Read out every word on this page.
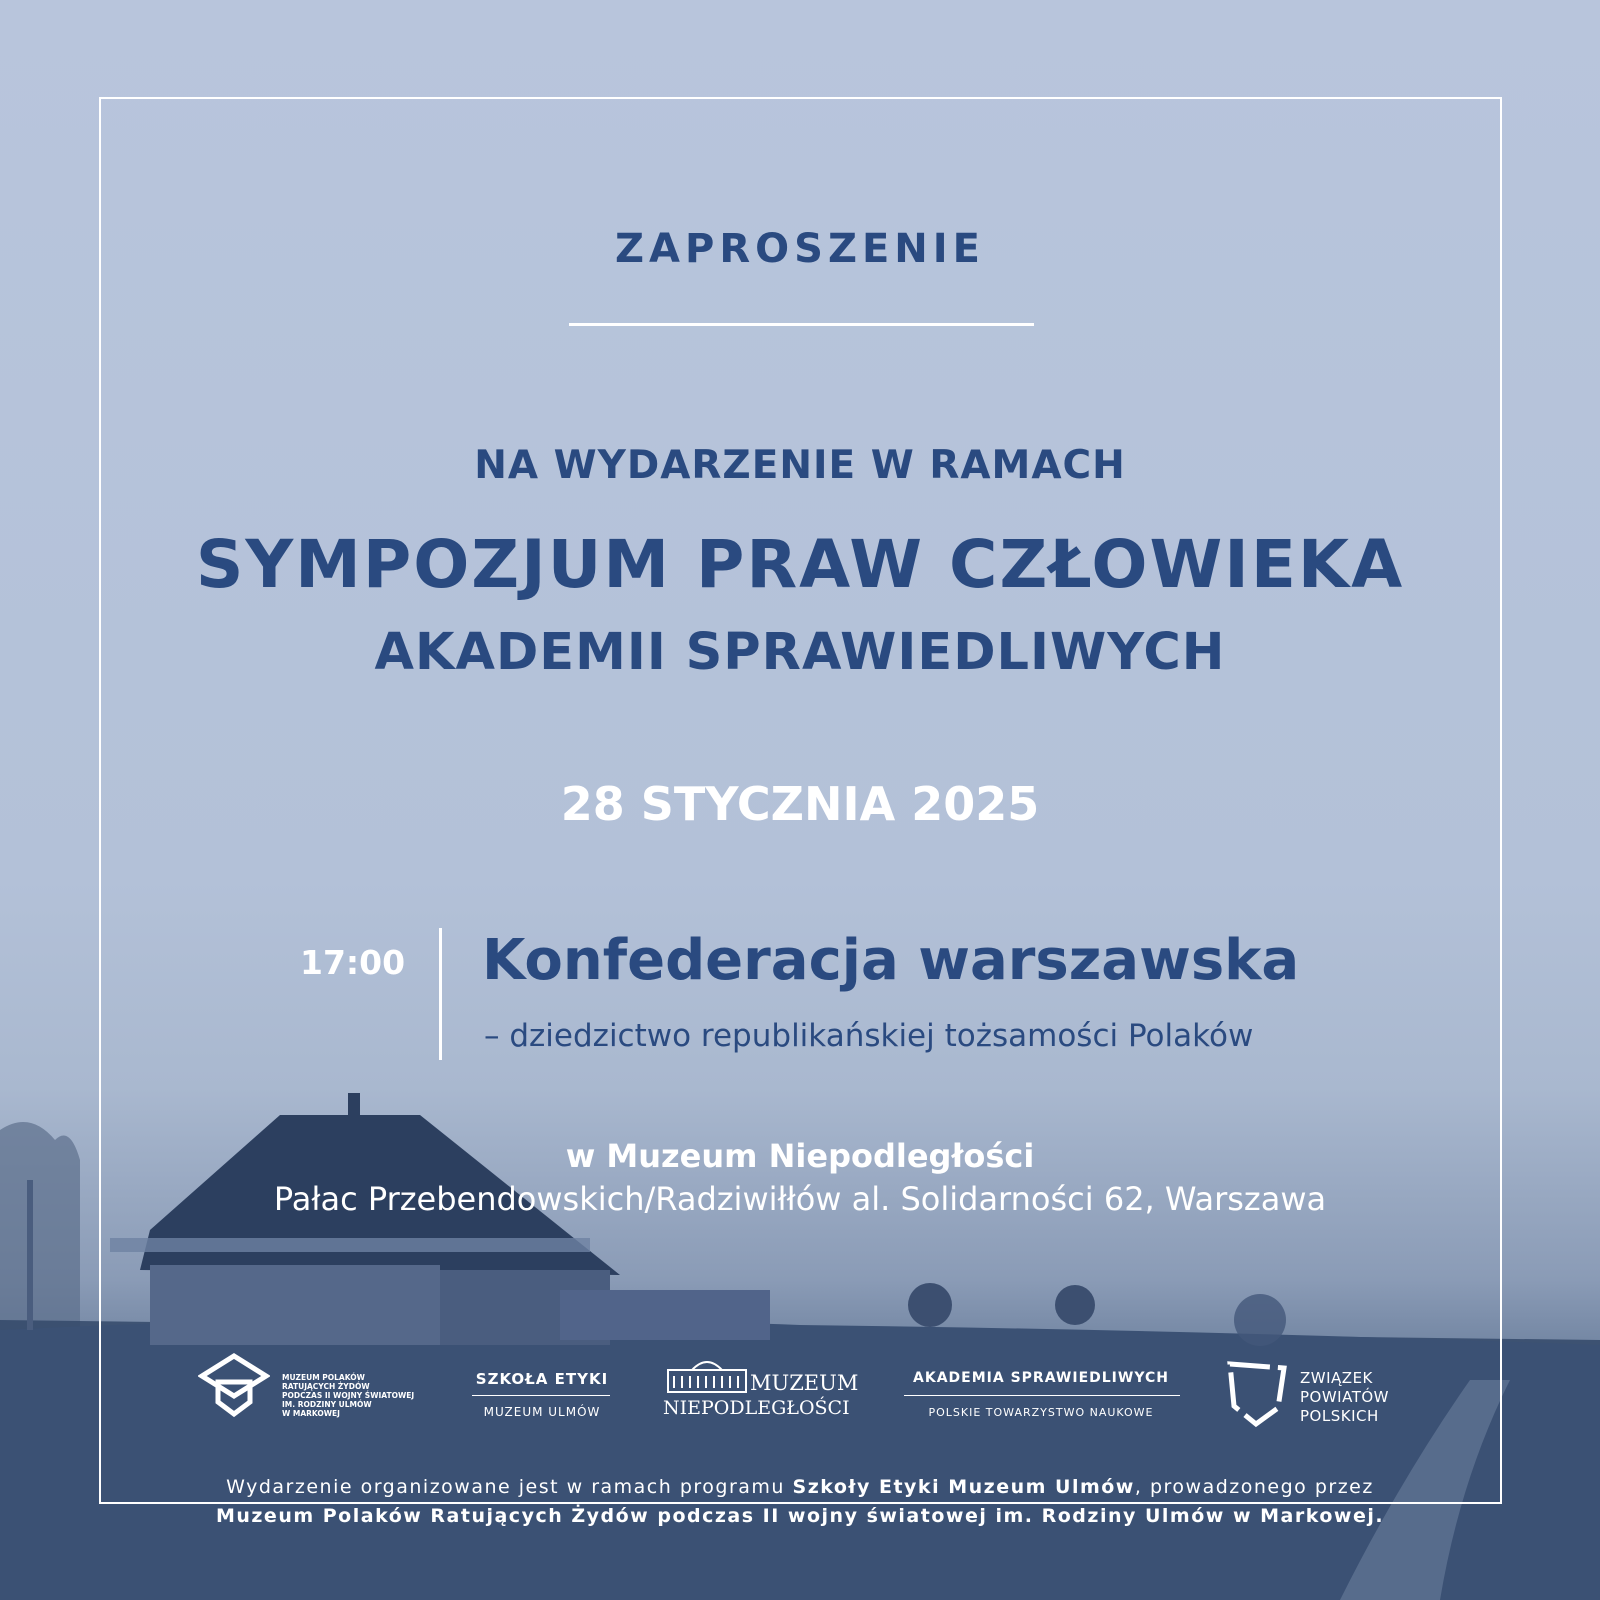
ZAPROSZENIE
NA WYDARZENIE W RAMACH
SYMPOZJUM PRAW CZŁOWIEKA
AKADEMII SPRAWIEDLIWYCH
28 STYCZNIA 2025
17:00 Konfederacja warszawska
– dziedzictwo republikańskiej tożsamości Polaków
w Muzeum Niepodległości
Pałac Przebendowskich/Radziwiłłów al. Solidarności 62, Warszawa
MUZEUM POLAKÓW
RATUJĄCYCH ŻYDÓW
PODCZAS II WOJNY ŚWIATOWEJ
IM. RODZINY ULMÓW
W MARKOWEJ
SZKOŁA ETYKI
MUZEUM ULMÓW
MUZEUM
NIEPODLEGŁOŚCI
AKADEMIA SPRAWIEDLIWYCH
POLSKIE TOWARZYSTWO NAUKOWE
ZWIĄZEK
POWIATÓW
POLSKICH
Wydarzenie organizowane jest w ramach programu Szkoły Etyki Muzeum Ulmów, prowadzonego przez
Muzeum Polaków Ratujących Żydów podczas II wojny światowej im. Rodziny Ulmów w Markowej.
